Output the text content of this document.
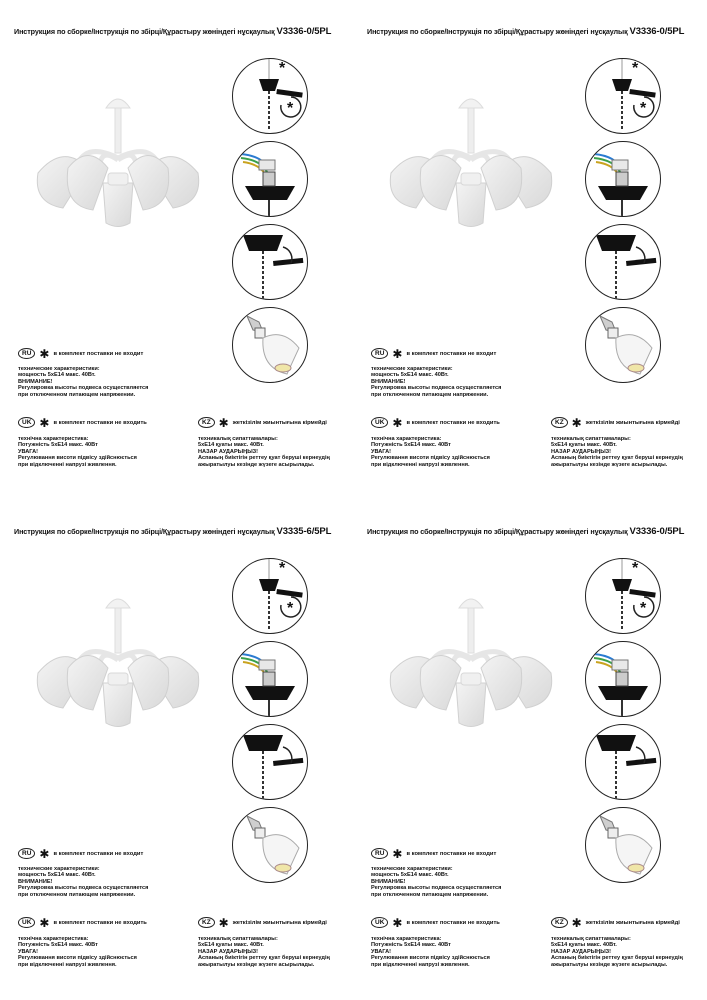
Инструкция по сборке/Інструкція по збірці/Құрастыру жөніндегі нұсқаулық V3336-0/5PL
*
*
RU ✱ в комплект поставки не входит
технические характеристики:
мощность 5хЕ14 макс. 40Вт.
ВНИМАНИЕ!
Регулировка высоты подвеса осуществляется
при отключенном питающем напряжении.
UK ✱ в комплект поставки не входить
технічна характеристика:
Потужність 5хЕ14 макс. 40Вт
УВАГА!
Регулювання висоти підвісу здійснюється
при відключенні напрузі живлення.
KZ ✱ жеткізілім жиынтығына кірмейді
техникалық сипаттамалары:
5хЕ14 қуаты макс. 40Вт.
НАЗАР АУДАРЫҢЫЗ!
Аспаның биіктігін реттеу қуат беруші кернеудің
ажыратылуы кезінде жүзеге асырылады.
Инструкция по сборке/Інструкція по збірці/Құрастыру жөніндегі нұсқаулық V3336-0/5PL
*
*
RU ✱ в комплект поставки не входит
технические характеристики:
мощность 5хЕ14 макс. 40Вт.
ВНИМАНИЕ!
Регулировка высоты подвеса осуществляется
при отключенном питающем напряжении.
UK ✱ в комплект поставки не входить
технічна характеристика:
Потужність 5хЕ14 макс. 40Вт
УВАГА!
Регулювання висоти підвісу здійснюється
при відключенні напрузі живлення.
KZ ✱ жеткізілім жиынтығына кірмейді
техникалық сипаттамалары:
5хЕ14 қуаты макс. 40Вт.
НАЗАР АУДАРЫҢЫЗ!
Аспаның биіктігін реттеу қуат беруші кернеудің
ажыратылуы кезінде жүзеге асырылады.
Инструкция по сборке/Інструкція по збірці/Құрастыру жөніндегі нұсқаулық V3335-6/5PL
*
*
RU ✱ в комплект поставки не входит
технические характеристики:
мощность 5хЕ14 макс. 40Вт.
ВНИМАНИЕ!
Регулировка высоты подвеса осуществляется
при отключенном питающем напряжении.
UK ✱ в комплект поставки не входить
технічна характеристика:
Потужність 5хЕ14 макс. 40Вт
УВАГА!
Регулювання висоти підвісу здійснюється
при відключенні напрузі живлення.
KZ ✱ жеткізілім жиынтығына кірмейді
техникалық сипаттамалары:
5хЕ14 қуаты макс. 40Вт.
НАЗАР АУДАРЫҢЫЗ!
Аспаның биіктігін реттеу қуат беруші кернеудің
ажыратылуы кезінде жүзеге асырылады.
Инструкция по сборке/Інструкція по збірці/Құрастыру жөніндегі нұсқаулық V3336-0/5PL
*
*
RU ✱ в комплект поставки не входит
технические характеристики:
мощность 5хЕ14 макс. 40Вт.
ВНИМАНИЕ!
Регулировка высоты подвеса осуществляется
при отключенном питающем напряжении.
UK ✱ в комплект поставки не входить
технічна характеристика:
Потужність 5хЕ14 макс. 40Вт
УВАГА!
Регулювання висоти підвісу здійснюється
при відключенні напрузі живлення.
KZ ✱ жеткізілім жиынтығына кірмейді
техникалық сипаттамалары:
5хЕ14 қуаты макс. 40Вт.
НАЗАР АУДАРЫҢЫЗ!
Аспаның биіктігін реттеу қуат беруші кернеудің
ажыратылуы кезінде жүзеге асырылады.
